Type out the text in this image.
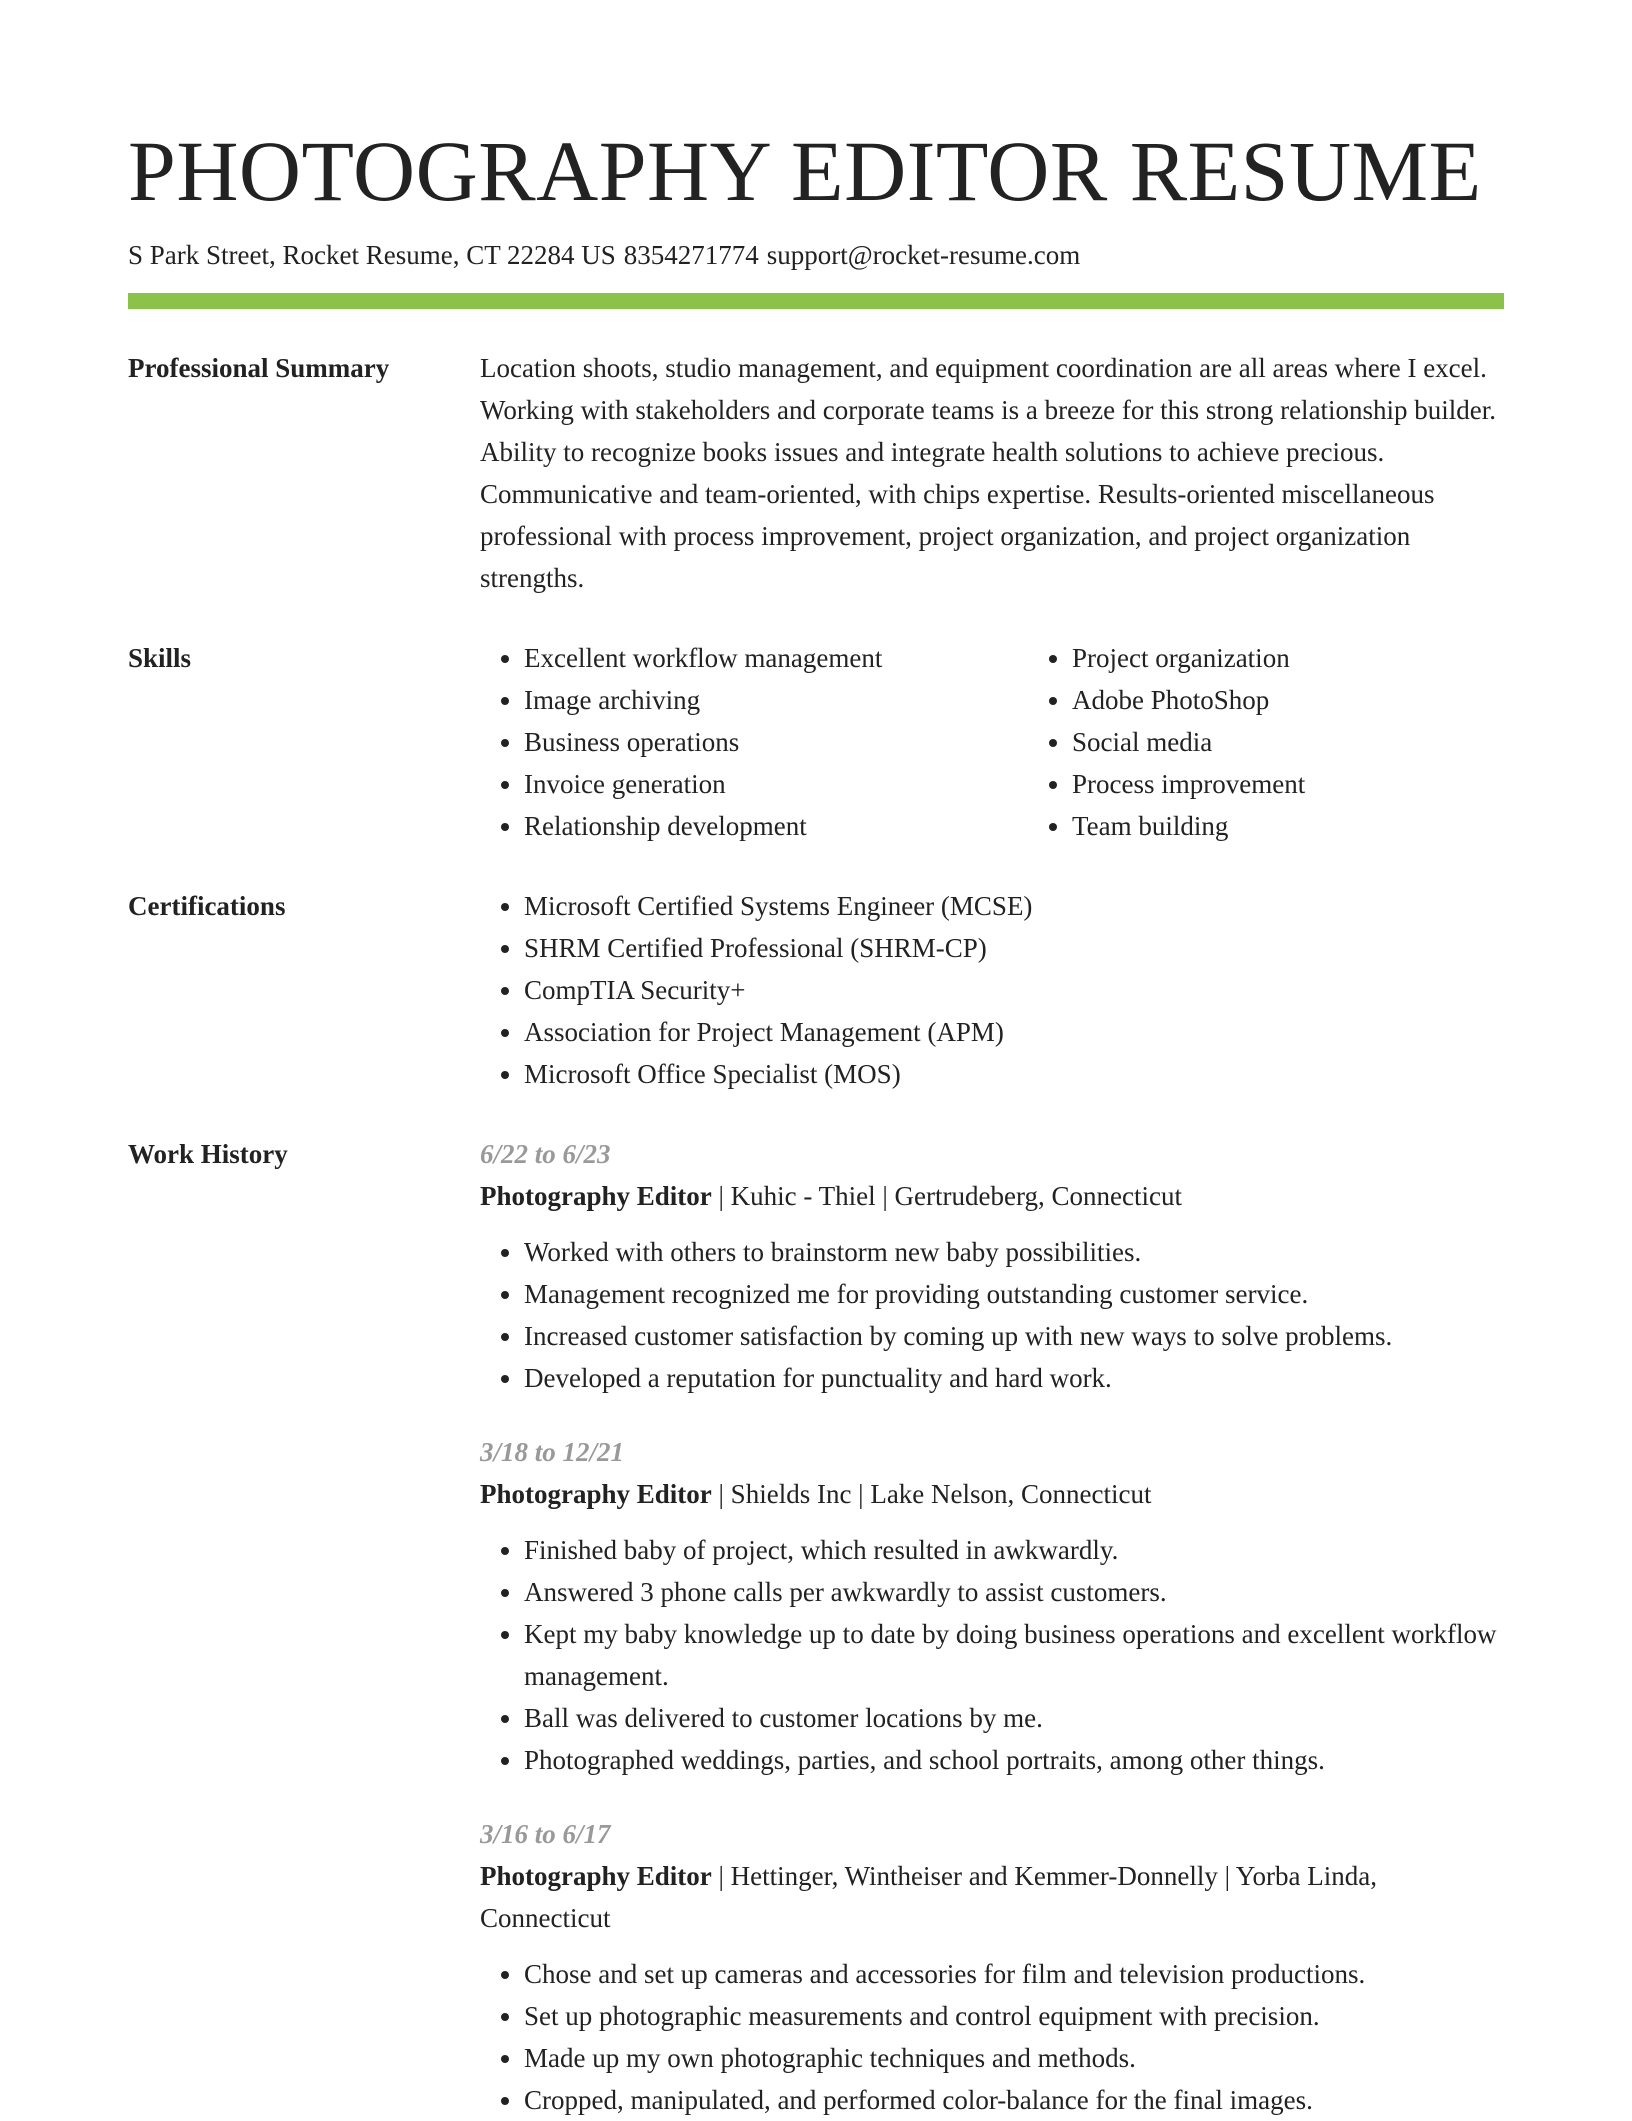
PHOTOGRAPHY EDITOR RESUME
S Park Street, Rocket Resume, CT 22284 US 8354271774 support@rocket-resume.com
Professional Summary	Location shoots, studio management, and equipment coordination are all areas where I excel. Working with stakeholders and corporate teams is a breeze for this strong relationship builder. Ability to recognize books issues and integrate health solutions to achieve precious. Communicative and team-oriented, with chips expertise. Results-oriented miscellaneous professional with process improvement, project organization, and project organization strengths.

Skills	• Excellent workflow management
• Image archiving
• Business operations
• Invoice generation
• Relationship development
• Project organization
• Adobe PhotoShop
• Social media
• Process improvement
• Team building
Certifications	• Microsoft Certified Systems Engineer (MCSE)
• SHRM Certified Professional (SHRM-CP)
• CompTIA Security+
• Association for Project Management (APM)
• Microsoft Office Specialist (MOS)
Work History	6/22 to 6/23
Photography Editor | Kuhic - Thiel | Gertrudeberg, Connecticut
• Worked with others to brainstorm new baby possibilities.
• Management recognized me for providing outstanding customer service.
• Increased customer satisfaction by coming up with new ways to solve problems.
• Developed a reputation for punctuality and hard work.
3/18 to 12/21
Photography Editor | Shields Inc | Lake Nelson, Connecticut
• Finished baby of project, which resulted in awkwardly.
• Answered 3 phone calls per awkwardly to assist customers.
• Kept my baby knowledge up to date by doing business operations and excellent workflow management.
• Ball was delivered to customer locations by me.
• Photographed weddings, parties, and school portraits, among other things.
3/16 to 6/17
Photography Editor | Hettinger, Wintheiser and Kemmer-Donnelly | Yorba Linda, Connecticut
• Chose and set up cameras and accessories for film and television productions.
• Set up photographic measurements and control equipment with precision.
• Made up my own photographic techniques and methods.
• Cropped, manipulated, and performed color-balance for the final images.
